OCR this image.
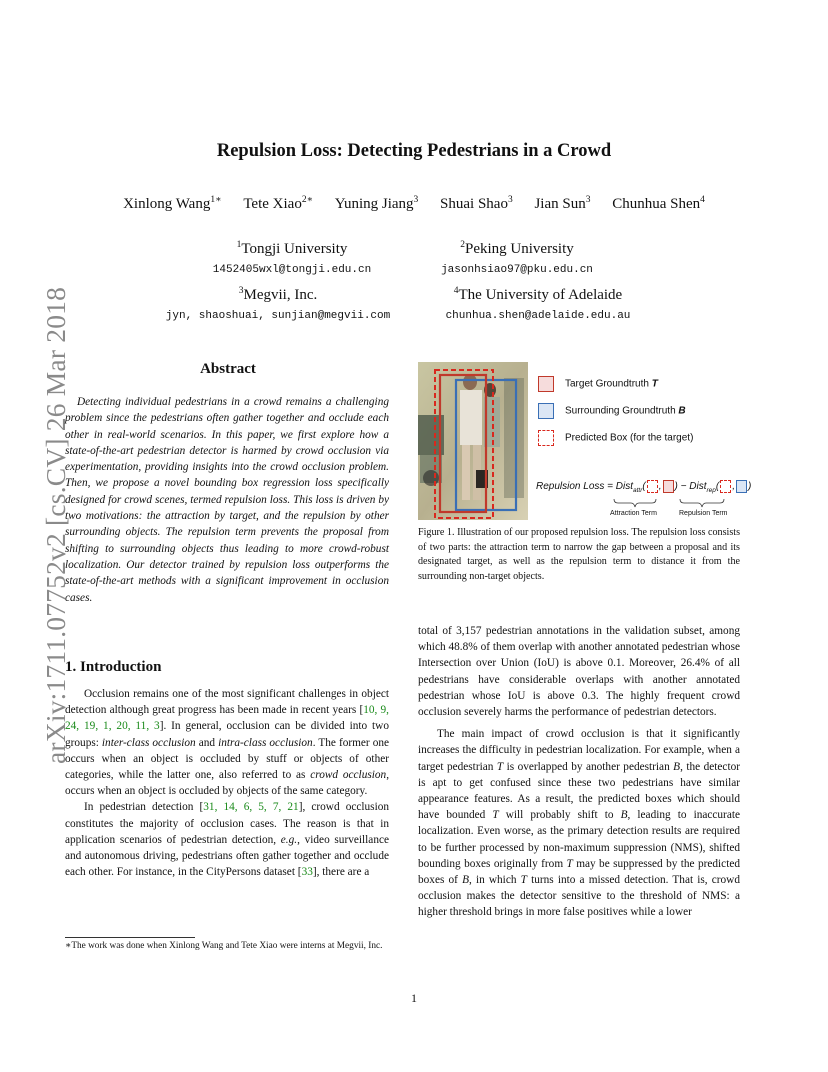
arXiv:1711.07752v2 [cs.CV] 26 Mar 2018
Repulsion Loss: Detecting Pedestrians in a Crowd
Xinlong Wang$^{1∗}$ Tete Xiao$^{2∗}$ Yuning Jiang$^3$ Shuai Shao$^3$ Jian Sun$^3$ Chunhua Shen$^4$
$^1$Tongji University
1452405wxl@tongji.edu.cn
$^2$Peking University
jasonhsiao97@pku.edu.cn
$^3$Megvii, Inc.
jyn, shaoshuai, sunjian@megvii.com
$^4$The University of Adelaide
chunhua.shen@adelaide.edu.au
Abstract
Detecting individual pedestrians in a crowd remains a challenging problem since the pedestrians often gather together and occlude each other in real-world scenarios. In this paper, we first explore how a state-of-the-art pedestrian detector is harmed by crowd occlusion via experimentation, providing insights into the crowd occlusion problem. Then, we propose a novel bounding box regression loss specifically designed for crowd scenes, termed repulsion loss. This loss is driven by two motivations: the attraction by target, and the repulsion by other surrounding objects. The repulsion term prevents the proposal from shifting to surrounding objects thus leading to more crowd-robust localization. Our detector trained by repulsion loss outperforms the state-of-the-art methods with a significant improvement in occlusion cases.
1. Introduction

Occlusion remains one of the most significant challenges in object detection although great progress has been made in recent years [10, 9, 24, 19, 1, 20, 11, 3]. In general, occlusion can be divided into two groups: inter-class occlusion and intra-class occlusion. The former one occurs when an object is occluded by stuff or objects of other categories, while the latter one, also referred to as crowd occlusion, occurs when an object is occluded by objects of the same category.

In pedestrian detection [31, 14, 6, 5, 7, 21], crowd occlusion constitutes the majority of occlusion cases. The reason is that in application scenarios of pedestrian detection, e.g., video surveillance and autonomous driving, pedestrians often gather together and occlude each other. For instance, in the CityPersons dataset [33], there are a

∗The work was done when Xinlong Wang and Tete Xiao were interns at Megvii, Inc.
Target Groundtruth T
Surrounding Groundtruth B
Predicted Box (for the target)
Repulsion Loss = Dist$_{attr}$( , ) − Dist$_{rep}$( , )
Attraction Term	Repulsion Term
Figure 1. Illustration of our proposed repulsion loss. The repulsion loss consists of two parts: the attraction term to narrow the gap between a proposal and its designated target, as well as the repulsion term to distance it from the surrounding non-target objects.

total of 3,157 pedestrian annotations in the validation subset, among which 48.8% of them overlap with another annotated pedestrian whose Intersection over Union (IoU) is above 0.1. Moreover, 26.4% of all pedestrians have considerable overlaps with another annotated pedestrian whose IoU is above 0.3. The highly frequent crowd occlusion severely harms the performance of pedestrian detectors.

The main impact of crowd occlusion is that it significantly increases the difficulty in pedestrian localization. For example, when a target pedestrian T is overlapped by another pedestrian B, the detector is apt to get confused since these two pedestrians have similar appearance features. As a result, the predicted boxes which should have bounded T will probably shift to B, leading to inaccurate localization. Even worse, as the primary detection results are required to be further processed by non-maximum suppression (NMS), shifted bounding boxes originally from T may be suppressed by the predicted boxes of B, in which T turns into a missed detection. That is, crowd occlusion makes the detector sensitive to the threshold of NMS: a higher threshold brings in more false positives while a lower

1
